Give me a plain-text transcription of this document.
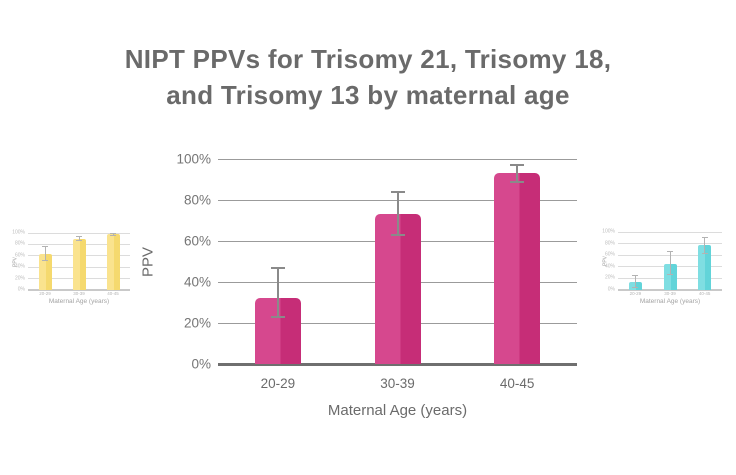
NIPT PPVs for Trisomy 21, Trisomy 18,
and Trisomy 13 by maternal age
0%
20%
40%
60%
80%
100%
20-29	30-39	40-45
Maternal Age (years)
PPV
0%
20%
40%
60%
80%
100%
20-29	30-39	40-45
Maternal Age (years)
PPV
0%
20%
40%
60%
80%
100%
20-29	30-39	40-45
Maternal Age (years)
PPV
